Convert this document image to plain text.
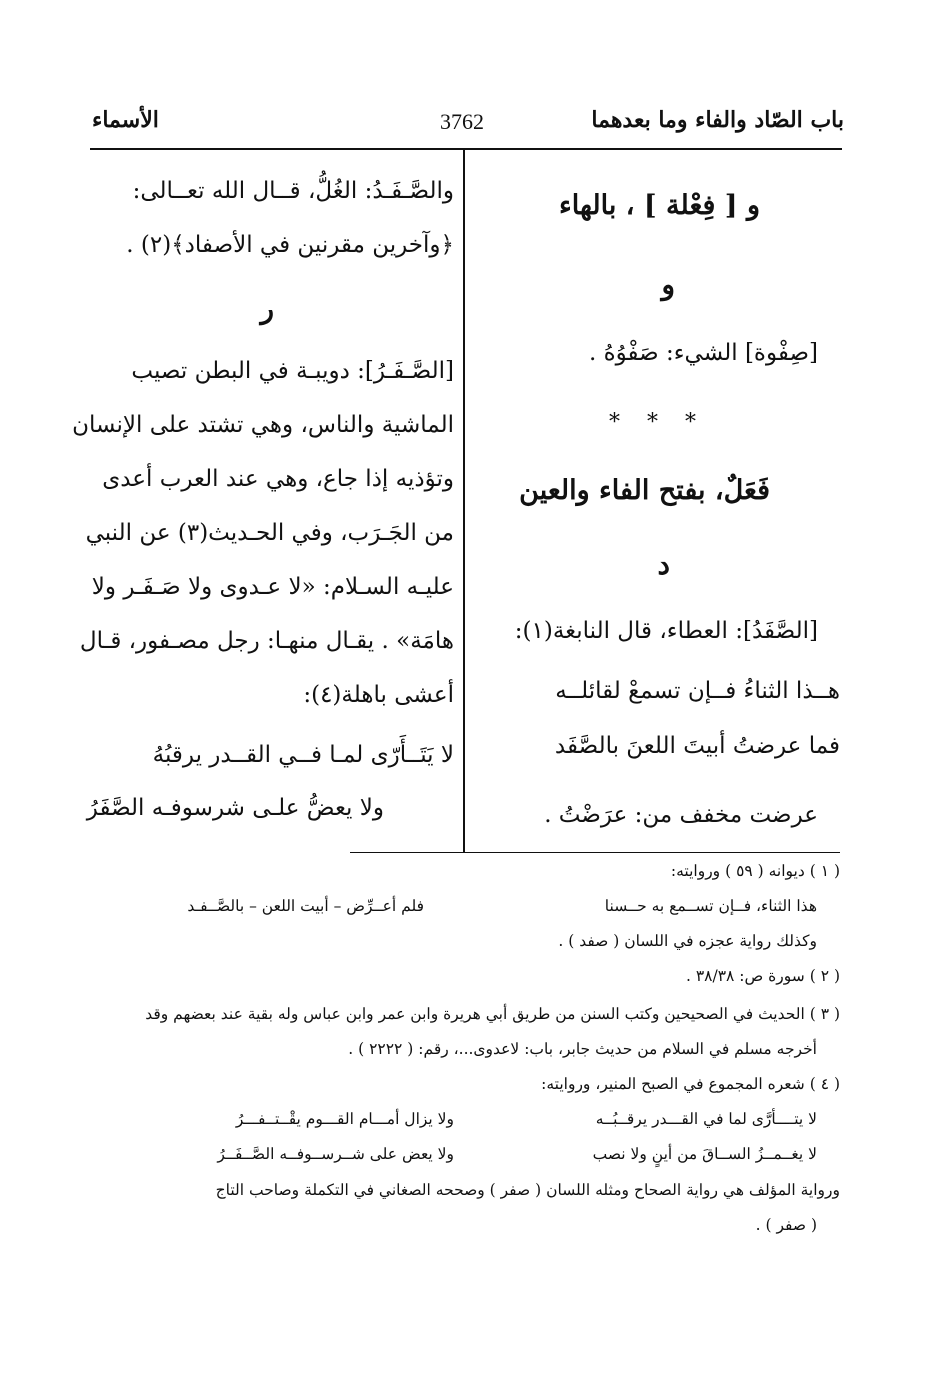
باب الصّاد والفاء وما بعدهما
3762
الأسماء
و [ فِعْلة ] ، بالهاء
و
[صِفْوة] الشيء: صَفْوُهُ .
* * *
فَعَلٌ، بفتح الفاء والعين
د
[الصَّفَدُ]: العطاء، قال النابغة(١):
هــذا الثناءُ فــإن تسمعْ لقائلــه
فما عرضتُ أبيتَ اللعنَ بالصَّفَد
عرضت مخفف من: عرَضْتُ .
والصَّـفَـدُ: الغُلُّ، قــال الله تعــالى:
﴿وآخرين مقرنين في الأصفاد﴾(٢) .
ر
[الصَّـفَـرُ]: دويبـة في البطن تصيب
الماشية والناس، وهي تشتد على الإنسان
وتؤذيه إذا جاع، وهي عند العرب أعدى
من الجَـرَب، وفي الحـديث(٣) عن النبي
عليـه السـلام: «لا عـدوى ولا صَـفَـر ولا
هامَة» . يقـال منهـا: رجل مصـفور، قـال
أعشى باهلة(٤):
لا يَتَــأَرّى لمـا فــي القــدر يرقبُهُ
ولا يعضُّ علـى شرسوفـه الصَّفَرُ
( ١ ) ديوانه ( ٥٩ ) وروايته:
هذا الثناء، فــإن تســمع به حــسنا
فلم أعــرِّض – أبيت اللعن – بالصَّــفـد
وكذلك رواية عجزه في اللسان ( صفد ) .
( ٢ ) سورة ص: ٣٨/٣٨ .
( ٣ ) الحديث في الصحيحين وكتب السنن من طريق أبي هريرة وابن عمر وابن عباس وله بقية عند بعضهم وقد
أخرجه مسلم في السلام من حديث جابر، باب: لاعدوى...، رقم: ( ٢٢٢٢ ) .
( ٤ ) شعره المجموع في الصبح المنير، وروايته:
لا يتــــأرَّى لما في القـــدر يرقــبُــه
ولا يزال أمـــام القـــوم يقْــتــفـــرُ
لا يغــمــزُ الســاقَ من أينٍ ولا نصب
ولا يعض على شــرســوفــه الصَّــفَــرُ
ورواية المؤلف هي رواية الصحاح ومثله اللسان ( صفر ) وصححه الصغاني في التكملة وصاحب التاج
( صفر ) .
